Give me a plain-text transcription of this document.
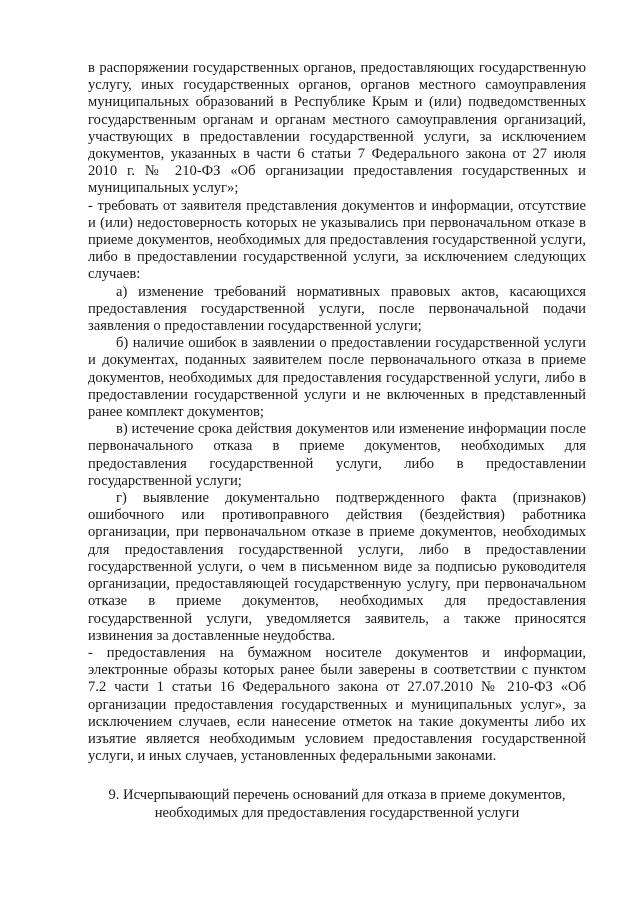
в распоряжении государственных органов, предоставляющих государственную услугу, иных государственных органов, органов местного самоуправления муниципальных образований в Республике Крым и (или) подведомственных государственным органам и органам местного самоуправления организаций, участвующих в предоставлении государственной услуги, за исключением документов, указанных в части 6 статьи 7 Федерального закона от 27 июля 2010 г. № 210-ФЗ «Об организации предоставления государственных и муниципальных услуг»;

- требовать от заявителя представления документов и информации, отсутствие и (или) недостоверность которых не указывались при первоначальном отказе в приеме документов, необходимых для предоставления государственной услуги, либо в предоставлении государственной услуги, за исключением следующих случаев:

а) изменение требований нормативных правовых актов, касающихся предоставления государственной услуги, после первоначальной подачи заявления о предоставлении государственной услуги;

б) наличие ошибок в заявлении о предоставлении государственной услуги и документах, поданных заявителем после первоначального отказа в приеме документов, необходимых для предоставления государственной услуги, либо в предоставлении государственной услуги и не включенных в представленный ранее комплект документов;

в) истечение срока действия документов или изменение информации после первоначального отказа в приеме документов, необходимых для предоставления государственной услуги, либо в предоставлении государственной услуги;

г) выявление документально подтвержденного факта (признаков) ошибочного или противоправного действия (бездействия) работника организации, при первоначальном отказе в приеме документов, необходимых для предоставления государственной услуги, либо в предоставлении государственной услуги, о чем в письменном виде за подписью руководителя организации, предоставляющей государственную услугу, при первоначальном отказе в приеме документов, необходимых для предоставления государственной услуги, уведомляется заявитель, а также приносятся извинения за доставленные неудобства.

- предоставления на бумажном носителе документов и информации, электронные образы которых ранее были заверены в соответствии с пунктом 7.2 части 1 статьи 16 Федерального закона от 27.07.2010 № 210-ФЗ «Об организации предоставления государственных и муниципальных услуг», за исключением случаев, если нанесение отметок на такие документы либо их изъятие является необходимым условием предоставления государственной услуги, и иных случаев, установленных федеральными законами.

9. Исчерпывающий перечень оснований для отказа в приеме документов,
необходимых для предоставления государственной услуги
